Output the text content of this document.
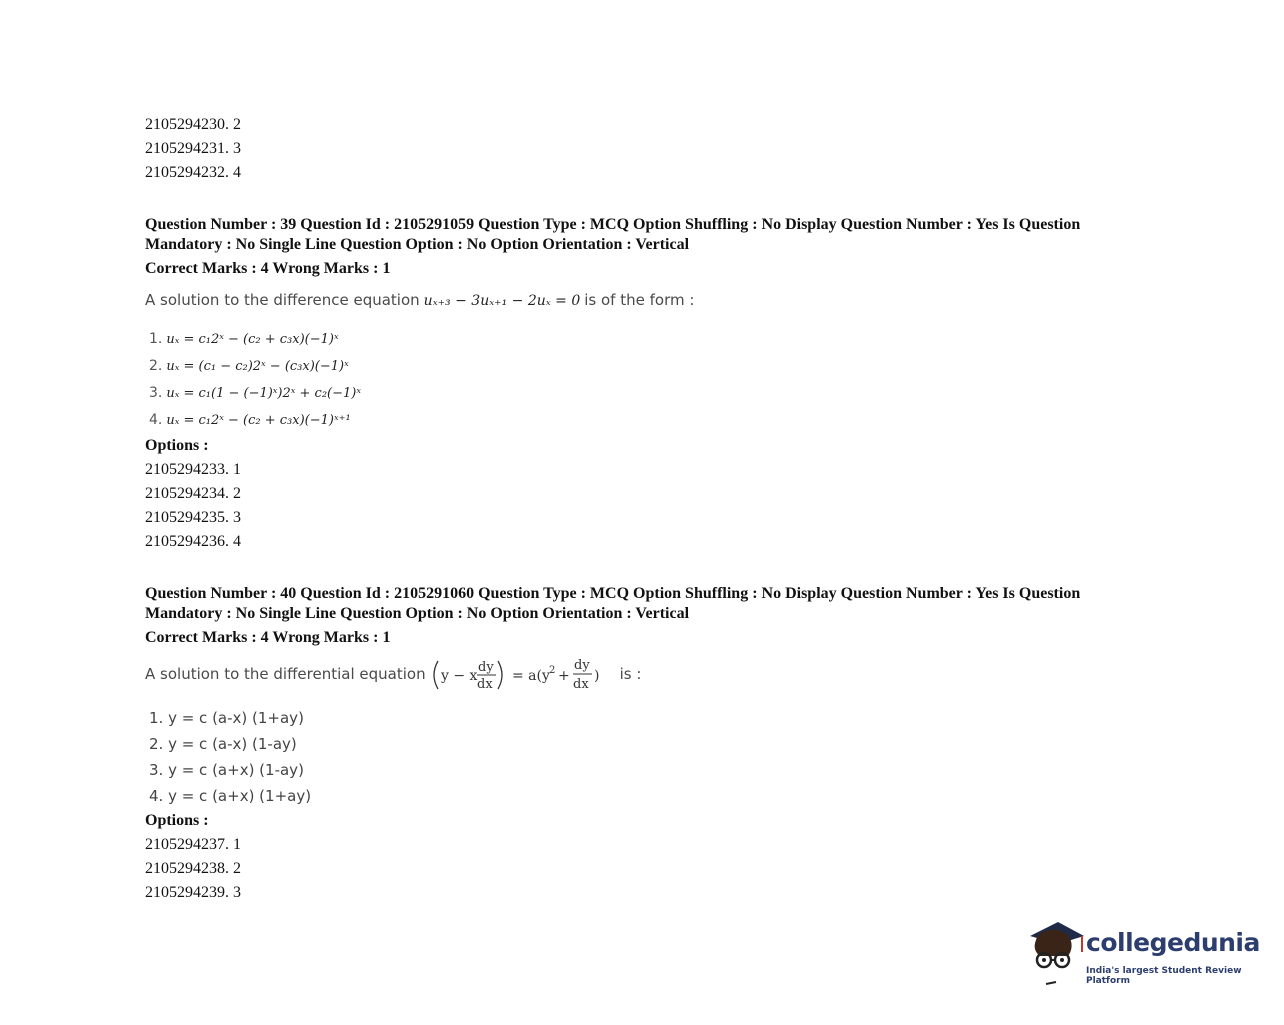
2105294230. 2

2105294231. 3

2105294232. 4

Question Number : 39 Question Id : 2105291059 Question Type : MCQ Option Shuffling : No Display Question Number : Yes Is Question Mandatory : No Single Line Question Option : No Option Orientation : Vertical

Correct Marks : 4 Wrong Marks : 1

A solution to the difference equation uₓ₊₃ − 3uₓ₊₁ − 2uₓ = 0 is of the form :

1. uₓ = c₁2ˣ − (c₂ + c₃x)(−1)ˣ
2. uₓ = (c₁ − c₂)2ˣ − (c₃x)(−1)ˣ
3. uₓ = c₁(1 − (−1)ˣ)2ˣ + c₂(−1)ˣ
4. uₓ = c₁2ˣ − (c₂ + c₃x)(−1)ˣ⁺¹

Options :

2105294233. 1

2105294234. 2

2105294235. 3

2105294236. 4

Question Number : 40 Question Id : 2105291060 Question Type : MCQ Option Shuffling : No Display Question Number : Yes Is Question Mandatory : No Single Line Question Option : No Option Orientation : Vertical

Correct Marks : 4 Wrong Marks : 1

A solution to the differential equation y − x
dy
dx
= a(y 2 +
dy
dx
) is :

1. y = c (a-x) (1+ay)
2. y = c (a-x) (1-ay)
3. y = c (a+x) (1-ay)
4. y = c (a+x) (1+ay)

Options :

2105294237. 1

2105294238. 2

2105294239. 3

collegedunia
India's largest Student Review Platform
